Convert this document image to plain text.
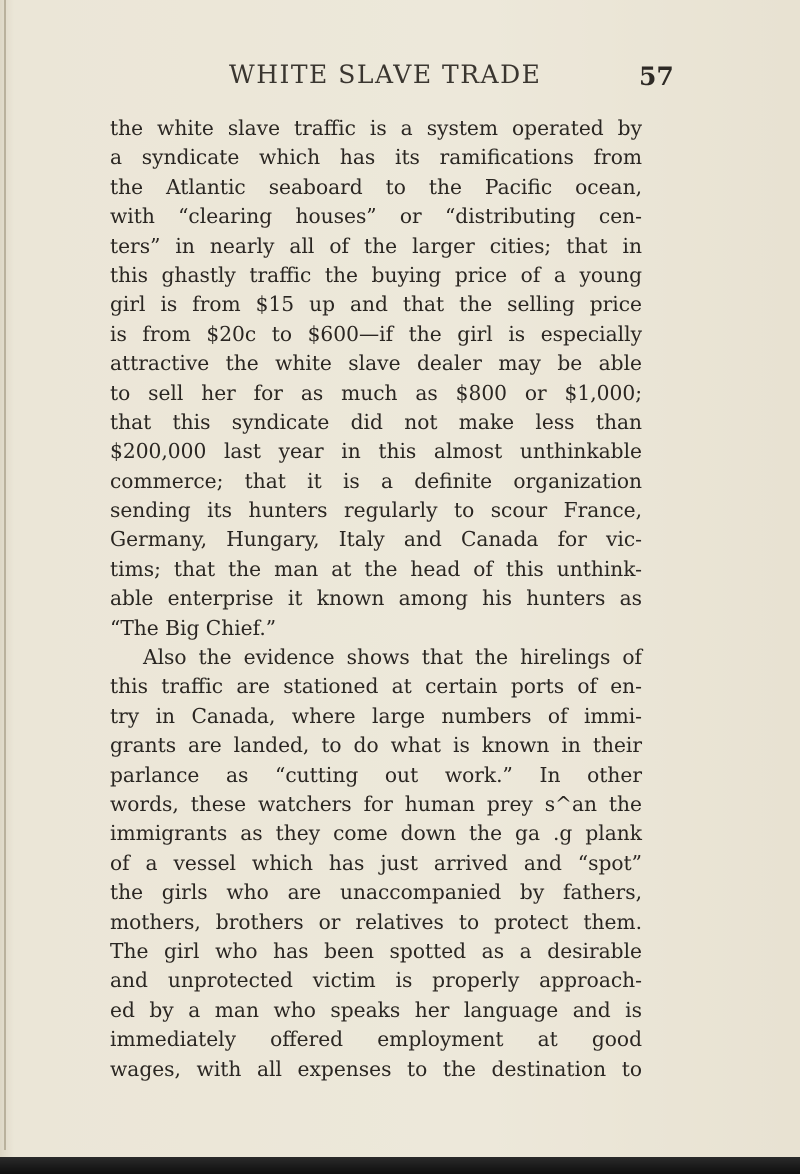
WHITE SLAVE TRADE	57
the white slave traffic is a system operated by
a syndicate which has its ramifications from
the Atlantic seaboard to the Pacific ocean,
with “clearing houses” or “distributing cen-
ters” in nearly all of the larger cities; that in
this ghastly traffic the buying price of a young
girl is from $15 up and that the selling price
is from $20c to $600—if the girl is especially
attractive the white slave dealer may be able
to sell her for as much as $800 or $1,000;
that this syndicate did not make less than
$200,000 last year in this almost unthinkable
commerce; that it is a definite organization
sending its hunters regularly to scour France,
Germany, Hungary, Italy and Canada for vic-
tims; that the man at the head of this unthink-
able enterprise it known among his hunters as
“The Big Chief.”
Also the evidence shows that the hirelings of
this traffic are stationed at certain ports of en-
try in Canada, where large numbers of immi-
grants are landed, to do what is known in their
parlance as “cutting out work.” In other
words, these watchers for human prey s^an the
immigrants as they come down the ga .g plank
of a vessel which has just arrived and “spot”
the girls who are unaccompanied by fathers,
mothers, brothers or relatives to protect them.
The girl who has been spotted as a desirable
and unprotected victim is properly approach-
ed by a man who speaks her language and is
immediately offered employment at good
wages, with all expenses to the destination to
